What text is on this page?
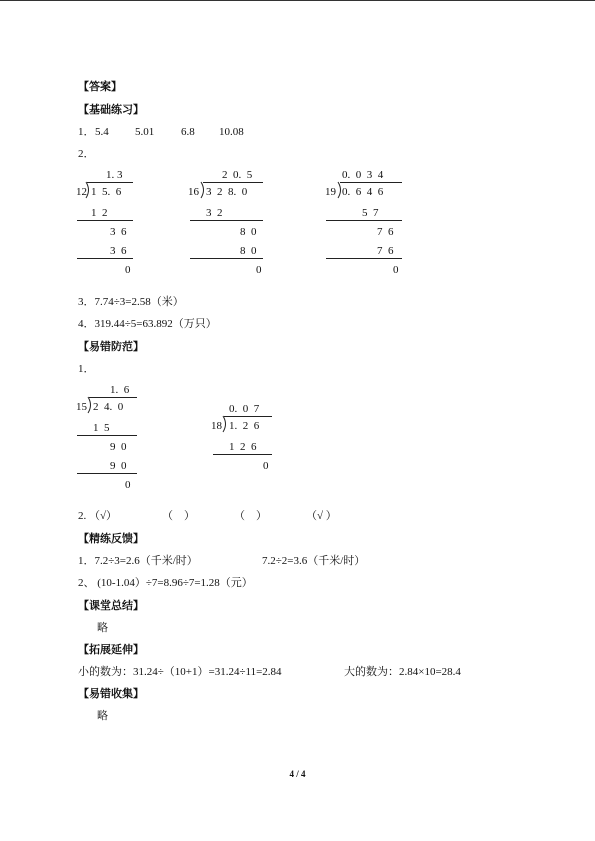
【答案】
【基础练习】
1． 5.4 5.01 6.8 10.08
2．
1. 3
12 1  5.  6
1  2
3  6
3  6
0
2  0.  5
16 3  2  8.  0
3  2
8  0
8  0
0
0.  0  3  4
19 0.  6  4  6
5  7
7  6
7  6
0
3．7.74÷3=2.58（米）
4．319.44÷5=63.892（万只）
【易错防范】
1．
1.  6
15 2  4.  0
1  5
9  0
9  0
0
0.  0  7
18 1.  2  6
1  2  6
0
2. （√）	（    ）	（    ）	（√ ）
【精练反馈】
1．7.2÷3=2.6（千米/时）	7.2÷2=3.6（千米/时）
2、 (10-1.04）÷7=8.96÷7=1.28（元）
【课堂总结】
略
【拓展延伸】
小的数为：31.24÷（10+1）=31.24÷11=2.84	大的数为：2.84×10=28.4
【易错收集】
略
4 / 4
